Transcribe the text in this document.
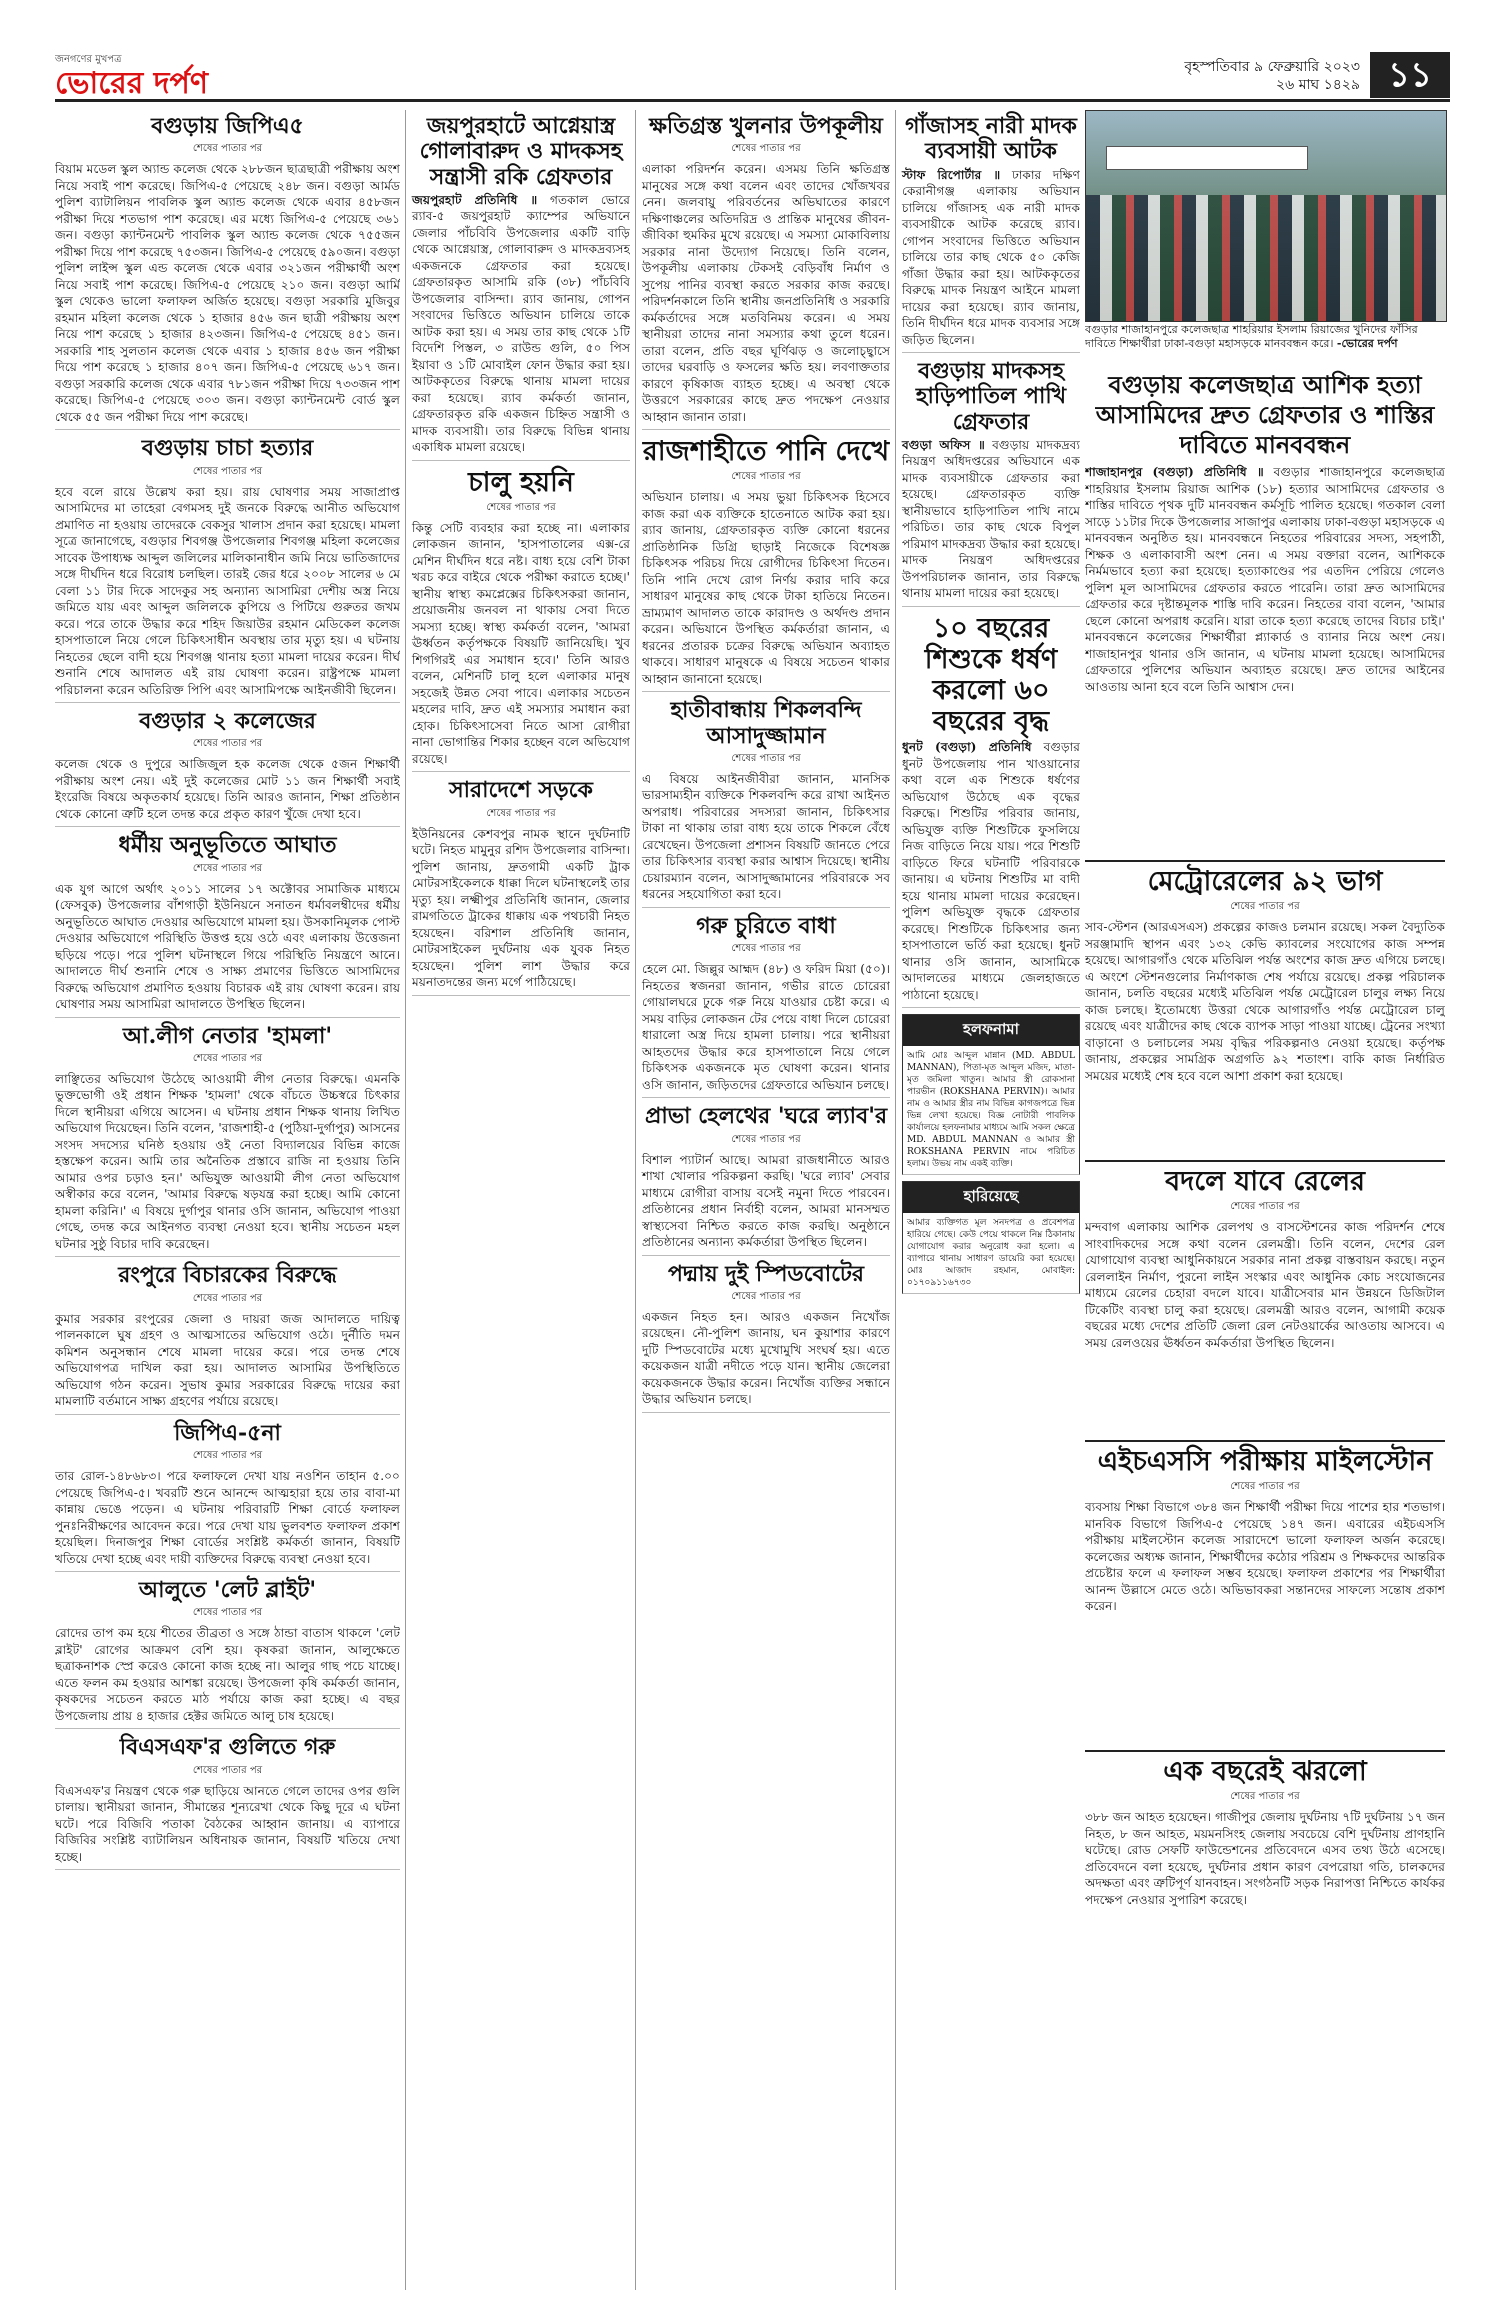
জনগণের মুখপত্র
ভোরের দর্পণ	বৃহস্পতিবার ৯ ফেব্রুয়ারি ২০২৩
২৬ মাঘ ১৪২৯ ১১
বগুড়ায় জিপিএ৫
শেষের পাতার পর

বিয়াম মডেল স্কুল অ্যান্ড কলেজ থেকে ২৮৮জন ছাত্রছাত্রী পরীক্ষায় অংশ নিয়ে সবাই পাশ করেছে। জিপিএ-৫ পেয়েছে ২৪৮ জন। বগুড়া আর্মড পুলিশ ব্যাটালিয়ন পাবলিক স্কুল অ্যান্ড কলেজ থেকে এবার ৪৫৮জন পরীক্ষা দিয়ে শতভাগ পাশ করেছে। এর মধ্যে জিপিএ-৫ পেয়েছে ৩৬১ জন। বগুড়া ক্যান্টনমেন্ট পাবলিক স্কুল অ্যান্ড কলেজ থেকে ৭৫৫জন পরীক্ষা দিয়ে পাশ করেছে ৭৫৩জন। জিপিএ-৫ পেয়েছে ৫৯০জন। বগুড়া পুলিশ লাইন্স স্কুল এন্ড কলেজ থেকে এবার ৩২১জন পরীক্ষার্থী অংশ নিয়ে সবাই পাশ করেছে। জিপিএ-৫ পেয়েছে ২১০ জন। বগুড়া আর্মি স্কুল থেকেও ভালো ফলাফল অর্জিত হয়েছে। বগুড়া সরকারি মুজিবুর রহমান মহিলা কলেজ থেকে ১ হাজার ৪৫৬ জন ছাত্রী পরীক্ষায় অংশ নিয়ে পাশ করেছে ১ হাজার ৪২৩জন। জিপিএ-৫ পেয়েছে ৪৫১ জন। সরকারি শাহ সুলতান কলেজ থেকে এবার ১ হাজার ৪৫৬ জন পরীক্ষা দিয়ে পাশ করেছে ১ হাজার ৪০৭ জন। জিপিএ-৫ পেয়েছে ৬১৭ জন। বগুড়া সরকারি কলেজ থেকে এবার ৭৮১জন পরীক্ষা দিয়ে ৭৩৩জন পাশ করেছে। জিপিএ-৫ পেয়েছে ৩০৩ জন। বগুড়া ক্যান্টনমেন্ট বোর্ড স্কুল থেকে ৫৫ জন পরীক্ষা দিয়ে পাশ করেছে।

বগুড়ায় চাচা হত্যার
শেষের পাতার পর

হবে বলে রায়ে উল্লেখ করা হয়। রায় ঘোষণার সময় সাজাপ্রাপ্ত আসামিদের মা তাহেরা বেগমসহ দুই জনকে বিরুদ্ধে আনীত অভিযোগ প্রমাণিত না হওয়ায় তাদেরকে বেকসুর খালাস প্রদান করা হয়েছে। মামলা সূত্রে জানাগেছে, বগুড়ার শিবগঞ্জ উপজেলার শিবগঞ্জ মহিলা কলেজের সাবেক উপাধ্যক্ষ আব্দুল জলিলের মালিকানাধীন জমি নিয়ে ভাতিজাদের সঙ্গে দীর্ঘদিন ধরে বিরোধ চলছিল। তারই জের ধরে ২০০৮ সালের ৬ মে বেলা ১১ টার দিকে সাদেকুর সহ অন্যান্য আসামিরা দেশীয় অস্ত্র নিয়ে জমিতে যায় এবং আব্দুল জলিলকে কুপিয়ে ও পিটিয়ে গুরুতর জখম করে। পরে তাকে উদ্ধার করে শহিদ জিয়াউর রহমান মেডিকেল কলেজ হাসপাতালে নিয়ে গেলে চিকিৎসাধীন অবস্থায় তার মৃত্যু হয়। এ ঘটনায় নিহতের ছেলে বাদী হয়ে শিবগঞ্জ থানায় হত্যা মামলা দায়ের করেন। দীর্ঘ শুনানি শেষে আদালত এই রায় ঘোষণা করেন। রাষ্ট্রপক্ষে মামলা পরিচালনা করেন অতিরিক্ত পিপি এবং আসামিপক্ষে আইনজীবী ছিলেন।

বগুড়ার ২ কলেজের
শেষের পাতার পর

কলেজ থেকে ও দুপুরে আজিজুল হক কলেজ থেকে ৫জন শিক্ষার্থী পরীক্ষায় অংশ নেয়। এই দুই কলেজের মোট ১১ জন শিক্ষার্থী সবাই ইংরেজি বিষয়ে অকৃতকার্য হয়েছে। তিনি আরও জানান, শিক্ষা প্রতিষ্ঠান থেকে কোনো ত্রুটি হলে তদন্ত করে প্রকৃত কারণ খুঁজে দেখা হবে।

ধর্মীয় অনুভূতিতে আঘাত
শেষের পাতার পর

এক যুগ আগে অর্থাৎ ২০১১ সালের ১৭ অক্টোবর সামাজিক মাধ্যমে (ফেসবুক) উপজেলার বাঁশগাড়ী ইউনিয়নে সনাতন ধর্মাবলম্বীদের ধর্মীয় অনুভূতিতে আঘাত দেওয়ার অভিযোগে মামলা হয়। উসকানিমূলক পোস্ট দেওয়ার অভিযোগে পরিস্থিতি উত্তপ্ত হয়ে ওঠে এবং এলাকায় উত্তেজনা ছড়িয়ে পড়ে। পরে পুলিশ ঘটনাস্থলে গিয়ে পরিস্থিতি নিয়ন্ত্রণে আনে। আদালতে দীর্ঘ শুনানি শেষে ও সাক্ষ্য প্রমাণের ভিত্তিতে আসামিদের বিরুদ্ধে অভিযোগ প্রমাণিত হওয়ায় বিচারক এই রায় ঘোষণা করেন। রায় ঘোষণার সময় আসামিরা আদালতে উপস্থিত ছিলেন।

আ.লীগ নেতার 'হামলা'
শেষের পাতার পর

লাঞ্ছিতের অভিযোগ উঠেছে আওয়ামী লীগ নেতার বিরুদ্ধে। এমনকি ভুক্তভোগী ওই প্রধান শিক্ষক 'হামলা' থেকে বাঁচতে উচ্চস্বরে চিৎকার দিলে স্থানীয়রা এগিয়ে আসেন। এ ঘটনায় প্রধান শিক্ষক থানায় লিখিত অভিযোগ দিয়েছেন। তিনি বলেন, 'রাজশাহী-৫ (পুঠিয়া-দুর্গাপুর) আসনের সংসদ সদস্যের ঘনিষ্ঠ হওয়ায় ওই নেতা বিদ্যালয়ের বিভিন্ন কাজে হস্তক্ষেপ করেন। আমি তার অনৈতিক প্রস্তাবে রাজি না হওয়ায় তিনি আমার ওপর চড়াও হন।' অভিযুক্ত আওয়ামী লীগ নেতা অভিযোগ অস্বীকার করে বলেন, 'আমার বিরুদ্ধে ষড়যন্ত্র করা হচ্ছে। আমি কোনো হামলা করিনি।' এ বিষয়ে দুর্গাপুর থানার ওসি জানান, অভিযোগ পাওয়া গেছে, তদন্ত করে আইনগত ব্যবস্থা নেওয়া হবে। স্থানীয় সচেতন মহল ঘটনার সুষ্ঠু বিচার দাবি করেছেন।

রংপুরে বিচারকের বিরুদ্ধে
শেষের পাতার পর

কুমার সরকার রংপুরের জেলা ও দায়রা জজ আদালতে দায়িত্ব পালনকালে ঘুষ গ্রহণ ও আত্মসাতের অভিযোগ ওঠে। দুর্নীতি দমন কমিশন অনুসন্ধান শেষে মামলা দায়ের করে। পরে তদন্ত শেষে অভিযোগপত্র দাখিল করা হয়। আদালত আসামির উপস্থিতিতে অভিযোগ গঠন করেন। সুভাষ কুমার সরকারের বিরুদ্ধে দায়ের করা মামলাটি বর্তমানে সাক্ষ্য গ্রহণের পর্যায়ে রয়েছে।

জিপিএ-৫না
শেষের পাতার পর

তার রোল-১৪৮৬৮৩। পরে ফলাফলে দেখা যায় নওশিন তাহান ৫.০০ পেয়েছে জিপিএ-৫। খবরটি শুনে আনন্দে আত্মহারা হয়ে তার বাবা-মা কান্নায় ভেঙে পড়েন। এ ঘটনায় পরিবারটি শিক্ষা বোর্ডে ফলাফল পুনঃনিরীক্ষণের আবেদন করে। পরে দেখা যায় ভুলবশত ফলাফল প্রকাশ হয়েছিল। দিনাজপুর শিক্ষা বোর্ডের সংশ্লিষ্ট কর্মকর্তা জানান, বিষয়টি খতিয়ে দেখা হচ্ছে এবং দায়ী ব্যক্তিদের বিরুদ্ধে ব্যবস্থা নেওয়া হবে।

আলুতে 'লেট ব্লাইট'
শেষের পাতার পর

রোদের তাপ কম হয়ে শীতের তীব্রতা ও সঙ্গে ঠান্ডা বাতাস থাকলে 'লেট ব্লাইট' রোগের আক্রমণ বেশি হয়। কৃষকরা জানান, আলুক্ষেতে ছত্রাকনাশক স্প্রে করেও কোনো কাজ হচ্ছে না। আলুর গাছ পচে যাচ্ছে। এতে ফলন কম হওয়ার আশঙ্কা রয়েছে। উপজেলা কৃষি কর্মকর্তা জানান, কৃষকদের সচেতন করতে মাঠ পর্যায়ে কাজ করা হচ্ছে। এ বছর উপজেলায় প্রায় ৪ হাজার হেক্টর জমিতে আলু চাষ হয়েছে।

বিএসএফ'র গুলিতে গরু
শেষের পাতার পর

বিএসএফ'র নিয়ন্ত্রণ থেকে গরু ছাড়িয়ে আনতে গেলে তাদের ওপর গুলি চালায়। স্থানীয়রা জানান, সীমান্তের শূন্যরেখা থেকে কিছু দূরে এ ঘটনা ঘটে। পরে বিজিবি পতাকা বৈঠকের আহ্বান জানায়। এ ব্যাপারে বিজিবির সংশ্লিষ্ট ব্যাটালিয়ন অধিনায়ক জানান, বিষয়টি খতিয়ে দেখা হচ্ছে।

জয়পুরহাটে আগ্নেয়াস্ত্র গোলাবারুদ ও মাদকসহ সন্ত্রাসী রকি গ্রেফতার

জয়পুরহাট প্রতিনিধি ॥ গতকাল ভোরে র‌্যাব-৫ জয়পুরহাট ক্যাম্পের অভিযানে জেলার পাঁচবিবি উপজেলার একটি বাড়ি থেকে আগ্নেয়াস্ত্র, গোলাবারুদ ও মাদকদ্রব্যসহ একজনকে গ্রেফতার করা হয়েছে। গ্রেফতারকৃত আসামি রকি (৩৮) পাঁচবিবি উপজেলার বাসিন্দা। র‌্যাব জানায়, গোপন সংবাদের ভিত্তিতে অভিযান চালিয়ে তাকে আটক করা হয়। এ সময় তার কাছ থেকে ১টি বিদেশি পিস্তল, ৩ রাউন্ড গুলি, ৫০ পিস ইয়াবা ও ১টি মোবাইল ফোন উদ্ধার করা হয়। আটককৃতের বিরুদ্ধে থানায় মামলা দায়ের করা হয়েছে। র‌্যাব কর্মকর্তা জানান, গ্রেফতারকৃত রকি একজন চিহ্নিত সন্ত্রাসী ও মাদক ব্যবসায়ী। তার বিরুদ্ধে বিভিন্ন থানায় একাধিক মামলা রয়েছে।

চালু হয়নি
শেষের পাতার পর

কিন্তু সেটি ব্যবহার করা হচ্ছে না। এলাকার লোকজন জানান, 'হাসপাতালের এক্স-রে মেশিন দীর্ঘদিন ধরে নষ্ট। বাধ্য হয়ে বেশি টাকা খরচ করে বাইরে থেকে পরীক্ষা করাতে হচ্ছে।' স্থানীয় স্বাস্থ্য কমপ্লেক্সের চিকিৎসকরা জানান, প্রয়োজনীয় জনবল না থাকায় সেবা দিতে সমস্যা হচ্ছে। স্বাস্থ্য কর্মকর্তা বলেন, 'আমরা ঊর্ধ্বতন কর্তৃপক্ষকে বিষয়টি জানিয়েছি। খুব শিগগিরই এর সমাধান হবে।' তিনি আরও বলেন, মেশিনটি চালু হলে এলাকার মানুষ সহজেই উন্নত সেবা পাবে। এলাকার সচেতন মহলের দাবি, দ্রুত এই সমস্যার সমাধান করা হোক। চিকিৎসাসেবা নিতে আসা রোগীরা নানা ভোগান্তির শিকার হচ্ছেন বলে অভিযোগ রয়েছে।

সারাদেশে সড়কে
শেষের পাতার পর

ইউনিয়নের কেশবপুর নামক স্থানে দুর্ঘটনাটি ঘটে। নিহত মামুনুর রশিদ উপজেলার বাসিন্দা। পুলিশ জানায়, দ্রুতগামী একটি ট্রাক মোটরসাইকেলকে ধাক্কা দিলে ঘটনাস্থলেই তার মৃত্যু হয়। লক্ষ্মীপুর প্রতিনিধি জানান, জেলার রামগতিতে ট্রাকের ধাক্কায় এক পথচারী নিহত হয়েছেন। বরিশাল প্রতিনিধি জানান, মোটরসাইকেল দুর্ঘটনায় এক যুবক নিহত হয়েছেন। পুলিশ লাশ উদ্ধার করে ময়নাতদন্তের জন্য মর্গে পাঠিয়েছে।

ক্ষতিগ্রস্ত খুলনার উপকূলীয়
শেষের পাতার পর

এলাকা পরিদর্শন করেন। এসময় তিনি ক্ষতিগ্রস্ত মানুষের সঙ্গে কথা বলেন এবং তাদের খোঁজখবর নেন। জলবায়ু পরিবর্তনের অভিঘাতের কারণে দক্ষিণাঞ্চলের অতিদরিদ্র ও প্রান্তিক মানুষের জীবন-জীবিকা হুমকির মুখে রয়েছে। এ সমস্যা মোকাবিলায় সরকার নানা উদ্যোগ নিয়েছে। তিনি বলেন, উপকূলীয় এলাকায় টেকসই বেড়িবাঁধ নির্মাণ ও সুপেয় পানির ব্যবস্থা করতে সরকার কাজ করছে। পরিদর্শনকালে তিনি স্থানীয় জনপ্রতিনিধি ও সরকারি কর্মকর্তাদের সঙ্গে মতবিনিময় করেন। এ সময় স্থানীয়রা তাদের নানা সমস্যার কথা তুলে ধরেন। তারা বলেন, প্রতি বছর ঘূর্ণিঝড় ও জলোচ্ছ্বাসে তাদের ঘরবাড়ি ও ফসলের ক্ষতি হয়। লবণাক্ততার কারণে কৃষিকাজ ব্যাহত হচ্ছে। এ অবস্থা থেকে উত্তরণে সরকারের কাছে দ্রুত পদক্ষেপ নেওয়ার আহ্বান জানান তারা।

রাজশাহীতে পানি দেখে
শেষের পাতার পর

অভিযান চালায়। এ সময় ভুয়া চিকিৎসক হিসেবে কাজ করা এক ব্যক্তিকে হাতেনাতে আটক করা হয়। র‌্যাব জানায়, গ্রেফতারকৃত ব্যক্তি কোনো ধরনের প্রাতিষ্ঠানিক ডিগ্রি ছাড়াই নিজেকে বিশেষজ্ঞ চিকিৎসক পরিচয় দিয়ে রোগীদের চিকিৎসা দিতেন। তিনি পানি দেখে রোগ নির্ণয় করার দাবি করে সাধারণ মানুষের কাছ থেকে টাকা হাতিয়ে নিতেন। ভ্রাম্যমাণ আদালত তাকে কারাদণ্ড ও অর্থদণ্ড প্রদান করেন। অভিযানে উপস্থিত কর্মকর্তারা জানান, এ ধরনের প্রতারক চক্রের বিরুদ্ধে অভিযান অব্যাহত থাকবে। সাধারণ মানুষকে এ বিষয়ে সচেতন থাকার আহ্বান জানানো হয়েছে।

হাতীবান্ধায় শিকলবন্দি আসাদুজ্জামান
শেষের পাতার পর

এ বিষয়ে আইনজীবীরা জানান, মানসিক ভারসাম্যহীন ব্যক্তিকে শিকলবন্দি করে রাখা আইনত অপরাধ। পরিবারের সদস্যরা জানান, চিকিৎসার টাকা না থাকায় তারা বাধ্য হয়ে তাকে শিকলে বেঁধে রেখেছেন। উপজেলা প্রশাসন বিষয়টি জানতে পেরে তার চিকিৎসার ব্যবস্থা করার আশ্বাস দিয়েছে। স্থানীয় চেয়ারম্যান বলেন, আসাদুজ্জামানের পরিবারকে সব ধরনের সহযোগিতা করা হবে।

গরু চুরিতে বাধা
শেষের পাতার পর

হেলে মো. জিল্লুর আহ্মদ (৪৮) ও ফরিদ মিয়া (৫০)। নিহতের স্বজনরা জানান, গভীর রাতে চোরেরা গোয়ালঘরে ঢুকে গরু নিয়ে যাওয়ার চেষ্টা করে। এ সময় বাড়ির লোকজন টের পেয়ে বাধা দিলে চোরেরা ধারালো অস্ত্র দিয়ে হামলা চালায়। পরে স্থানীয়রা আহতদের উদ্ধার করে হাসপাতালে নিয়ে গেলে চিকিৎসক একজনকে মৃত ঘোষণা করেন। থানার ওসি জানান, জড়িতদের গ্রেফতারে অভিযান চলছে।

প্রাভা হেলথের 'ঘরে ল্যাব'র
শেষের পাতার পর

বিশাল প্যাটার্ন আছে। আমরা রাজধানীতে আরও শাখা খোলার পরিকল্পনা করছি। 'ঘরে ল্যাব' সেবার মাধ্যমে রোগীরা বাসায় বসেই নমুনা দিতে পারবেন। প্রতিষ্ঠানের প্রধান নির্বাহী বলেন, আমরা মানসম্মত স্বাস্থ্যসেবা নিশ্চিত করতে কাজ করছি। অনুষ্ঠানে প্রতিষ্ঠানের অন্যান্য কর্মকর্তারা উপস্থিত ছিলেন।

পদ্মায় দুই স্পিডবোটের
শেষের পাতার পর

একজন নিহত হন। আরও একজন নিখোঁজ রয়েছেন। নৌ-পুলিশ জানায়, ঘন কুয়াশার কারণে দুটি স্পিডবোটের মধ্যে মুখোমুখি সংঘর্ষ হয়। এতে কয়েকজন যাত্রী নদীতে পড়ে যান। স্থানীয় জেলেরা কয়েকজনকে উদ্ধার করেন। নিখোঁজ ব্যক্তির সন্ধানে উদ্ধার অভিযান চলছে।

গাঁজাসহ নারী মাদক ব্যবসায়ী আটক

স্টাফ রিপোর্টার ॥ ঢাকার দক্ষিণ কেরানীগঞ্জ এলাকায় অভিযান চালিয়ে গাঁজাসহ এক নারী মাদক ব্যবসায়ীকে আটক করেছে র‌্যাব। গোপন সংবাদের ভিত্তিতে অভিযান চালিয়ে তার কাছ থেকে ৫০ কেজি গাঁজা উদ্ধার করা হয়। আটককৃতের বিরুদ্ধে মাদক নিয়ন্ত্রণ আইনে মামলা দায়ের করা হয়েছে। র‌্যাব জানায়, তিনি দীর্ঘদিন ধরে মাদক ব্যবসার সঙ্গে জড়িত ছিলেন।

বগুড়ায় মাদকসহ হাড়িপাতিল পাখি গ্রেফতার

বগুড়া অফিস ॥ বগুড়ায় মাদকদ্রব্য নিয়ন্ত্রণ অধিদপ্তরের অভিযানে এক মাদক ব্যবসায়ীকে গ্রেফতার করা হয়েছে। গ্রেফতারকৃত ব্যক্তি স্থানীয়ভাবে হাড়িপাতিল পাখি নামে পরিচিত। তার কাছ থেকে বিপুল পরিমাণ মাদকদ্রব্য উদ্ধার করা হয়েছে। মাদক নিয়ন্ত্রণ অধিদপ্তরের উপপরিচালক জানান, তার বিরুদ্ধে থানায় মামলা দায়ের করা হয়েছে।

১০ বছরের শিশুকে ধর্ষণ করলো ৬০ বছরের বৃদ্ধ

ধুনট (বগুড়া) প্রতিনিধি বগুড়ার ধুনট উপজেলায় পান খাওয়ানোর কথা বলে এক শিশুকে ধর্ষণের অভিযোগ উঠেছে এক বৃদ্ধের বিরুদ্ধে। শিশুটির পরিবার জানায়, অভিযুক্ত ব্যক্তি শিশুটিকে ফুসলিয়ে নিজ বাড়িতে নিয়ে যায়। পরে শিশুটি বাড়িতে ফিরে ঘটনাটি পরিবারকে জানায়। এ ঘটনায় শিশুটির মা বাদী হয়ে থানায় মামলা দায়ের করেছেন। পুলিশ অভিযুক্ত বৃদ্ধকে গ্রেফতার করেছে। শিশুটিকে চিকিৎসার জন্য হাসপাতালে ভর্তি করা হয়েছে। ধুনট থানার ওসি জানান, আসামিকে আদালতের মাধ্যমে জেলহাজতে পাঠানো হয়েছে।

হলফনামা

আমি মোঃ আব্দুল মান্নান (MD. ABDUL MANNAN), পিতা-মৃত আব্দুল মজিদ, মাতা-মৃত জমিলা খাতুন। আমার স্ত্রী রোকসানা পারভীন (ROKSHANA PERVIN)। আমার নাম ও আমার স্ত্রীর নাম বিভিন্ন কাগজপত্রে ভিন্ন ভিন্ন লেখা হয়েছে। বিজ্ঞ নোটারী পাবলিক কার্যালয়ে হলফনামার মাধ্যমে আমি সকল ক্ষেত্রে MD. ABDUL MANNAN ও আমার স্ত্রী ROKSHANA PERVIN নামে পরিচিত হলাম। উভয় নাম একই ব্যক্তি।

হারিয়েছে

আমার ব্যক্তিগত মূল সনদপত্র ও প্রবেশপত্র হারিয়ে গেছে। কেউ পেয়ে থাকলে নিম্ন ঠিকানায় যোগাযোগ করার অনুরোধ করা হলো। এ ব্যাপারে থানায় সাধারণ ডায়েরি করা হয়েছে। মোঃ আজাদ রহমান, মোবাইল: ০১৭০৯১১৬৭৩০

বগুড়ার শাজাহানপুরে কলেজছাত্র শাহরিয়ার ইসলাম রিয়াজের খুনিদের ফাঁসির দাবিতে শিক্ষার্থীরা ঢাকা-বগুড়া মহাসড়কে মানববন্ধন করে। -ভোরের দর্পণ
বগুড়ায় কলেজছাত্র আশিক হত্যা আসামিদের দ্রুত গ্রেফতার ও শাস্তির দাবিতে মানববন্ধন
শাজাহানপুর (বগুড়া) প্রতিনিধি ॥ বগুড়ার শাজাহানপুরে কলেজছাত্র শাহরিয়ার ইসলাম রিয়াজ আশিক (১৮) হত্যার আসামিদের গ্রেফতার ও শাস্তির দাবিতে পৃথক দুটি মানববন্ধন কর্মসূচি পালিত হয়েছে। গতকাল বেলা সাড়ে ১১টার দিকে উপজেলার সাজাপুর এলাকায় ঢাকা-বগুড়া মহাসড়কে এ মানববন্ধন অনুষ্ঠিত হয়। মানববন্ধনে নিহতের পরিবারের সদস্য, সহপাঠী, শিক্ষক ও এলাকাবাসী অংশ নেন। এ সময় বক্তারা বলেন, আশিককে নির্মমভাবে হত্যা করা হয়েছে। হত্যাকাণ্ডের পর এতদিন পেরিয়ে গেলেও পুলিশ মূল আসামিদের গ্রেফতার করতে পারেনি। তারা দ্রুত আসামিদের গ্রেফতার করে দৃষ্টান্তমূলক শাস্তি দাবি করেন। নিহতের বাবা বলেন, 'আমার ছেলে কোনো অপরাধ করেনি। যারা তাকে হত্যা করেছে তাদের বিচার চাই।' মানববন্ধনে কলেজের শিক্ষার্থীরা প্ল্যাকার্ড ও ব্যানার নিয়ে অংশ নেয়। শাজাহানপুর থানার ওসি জানান, এ ঘটনায় মামলা হয়েছে। আসামিদের গ্রেফতারে পুলিশের অভিযান অব্যাহত রয়েছে। দ্রুত তাদের আইনের আওতায় আনা হবে বলে তিনি আশ্বাস দেন।
মেট্রোরেলের ৯২ ভাগ
শেষের পাতার পর

সাব-স্টেশন (আরএসএস) প্রকল্পের কাজও চলমান রয়েছে। সকল বৈদ্যুতিক সরঞ্জামাদি স্থাপন এবং ১৩২ কেভি ক্যাবলের সংযোগের কাজ সম্পন্ন হয়েছে। আগারগাঁও থেকে মতিঝিল পর্যন্ত অংশের কাজ দ্রুত এগিয়ে চলছে। এ অংশে স্টেশনগুলোর নির্মাণকাজ শেষ পর্যায়ে রয়েছে। প্রকল্প পরিচালক জানান, চলতি বছরের মধ্যেই মতিঝিল পর্যন্ত মেট্রোরেল চালুর লক্ষ্য নিয়ে কাজ চলছে। ইতোমধ্যে উত্তরা থেকে আগারগাঁও পর্যন্ত মেট্রোরেল চালু রয়েছে এবং যাত্রীদের কাছ থেকে ব্যাপক সাড়া পাওয়া যাচ্ছে। ট্রেনের সংখ্যা বাড়ানো ও চলাচলের সময় বৃদ্ধির পরিকল্পনাও নেওয়া হয়েছে। কর্তৃপক্ষ জানায়, প্রকল্পের সামগ্রিক অগ্রগতি ৯২ শতাংশ। বাকি কাজ নির্ধারিত সময়ের মধ্যেই শেষ হবে বলে আশা প্রকাশ করা হয়েছে।

বদলে যাবে রেলের
শেষের পাতার পর

মন্দবাগ এলাকায় আশিক রেলপথ ও বাসস্টেশনের কাজ পরিদর্শন শেষে সাংবাদিকদের সঙ্গে কথা বলেন রেলমন্ত্রী। তিনি বলেন, দেশের রেল যোগাযোগ ব্যবস্থা আধুনিকায়নে সরকার নানা প্রকল্প বাস্তবায়ন করছে। নতুন রেললাইন নির্মাণ, পুরনো লাইন সংস্কার এবং আধুনিক কোচ সংযোজনের মাধ্যমে রেলের চেহারা বদলে যাবে। যাত্রীসেবার মান উন্নয়নে ডিজিটাল টিকেটিং ব্যবস্থা চালু করা হয়েছে। রেলমন্ত্রী আরও বলেন, আগামী কয়েক বছরের মধ্যে দেশের প্রতিটি জেলা রেল নেটওয়ার্কের আওতায় আসবে। এ সময় রেলওয়ের ঊর্ধ্বতন কর্মকর্তারা উপস্থিত ছিলেন।

এইচএসসি পরীক্ষায় মাইলস্টোন
শেষের পাতার পর

ব্যবসায় শিক্ষা বিভাগে ৩৮৪ জন শিক্ষার্থী পরীক্ষা দিয়ে পাশের হার শতভাগ। মানবিক বিভাগে জিপিএ-৫ পেয়েছে ১৪৭ জন। এবারের এইচএসসি পরীক্ষায় মাইলস্টোন কলেজ সারাদেশে ভালো ফলাফল অর্জন করেছে। কলেজের অধ্যক্ষ জানান, শিক্ষার্থীদের কঠোর পরিশ্রম ও শিক্ষকদের আন্তরিক প্রচেষ্টার ফলে এ ফলাফল সম্ভব হয়েছে। ফলাফল প্রকাশের পর শিক্ষার্থীরা আনন্দ উল্লাসে মেতে ওঠে। অভিভাবকরা সন্তানদের সাফল্যে সন্তোষ প্রকাশ করেন।

এক বছরেই ঝরলো
শেষের পাতার পর

৩৮৮ জন আহত হয়েছেন। গাজীপুর জেলায় দুর্ঘটনায় ৭টি দুর্ঘটনায় ১৭ জন নিহত, ৮ জন আহত, ময়মনসিংহ জেলায় সবচেয়ে বেশি দুর্ঘটনায় প্রাণহানি ঘটেছে। রোড সেফটি ফাউন্ডেশনের প্রতিবেদনে এসব তথ্য উঠে এসেছে। প্রতিবেদনে বলা হয়েছে, দুর্ঘটনার প্রধান কারণ বেপরোয়া গতি, চালকদের অদক্ষতা এবং ত্রুটিপূর্ণ যানবাহন। সংগঠনটি সড়ক নিরাপত্তা নিশ্চিতে কার্যকর পদক্ষেপ নেওয়ার সুপারিশ করেছে।
